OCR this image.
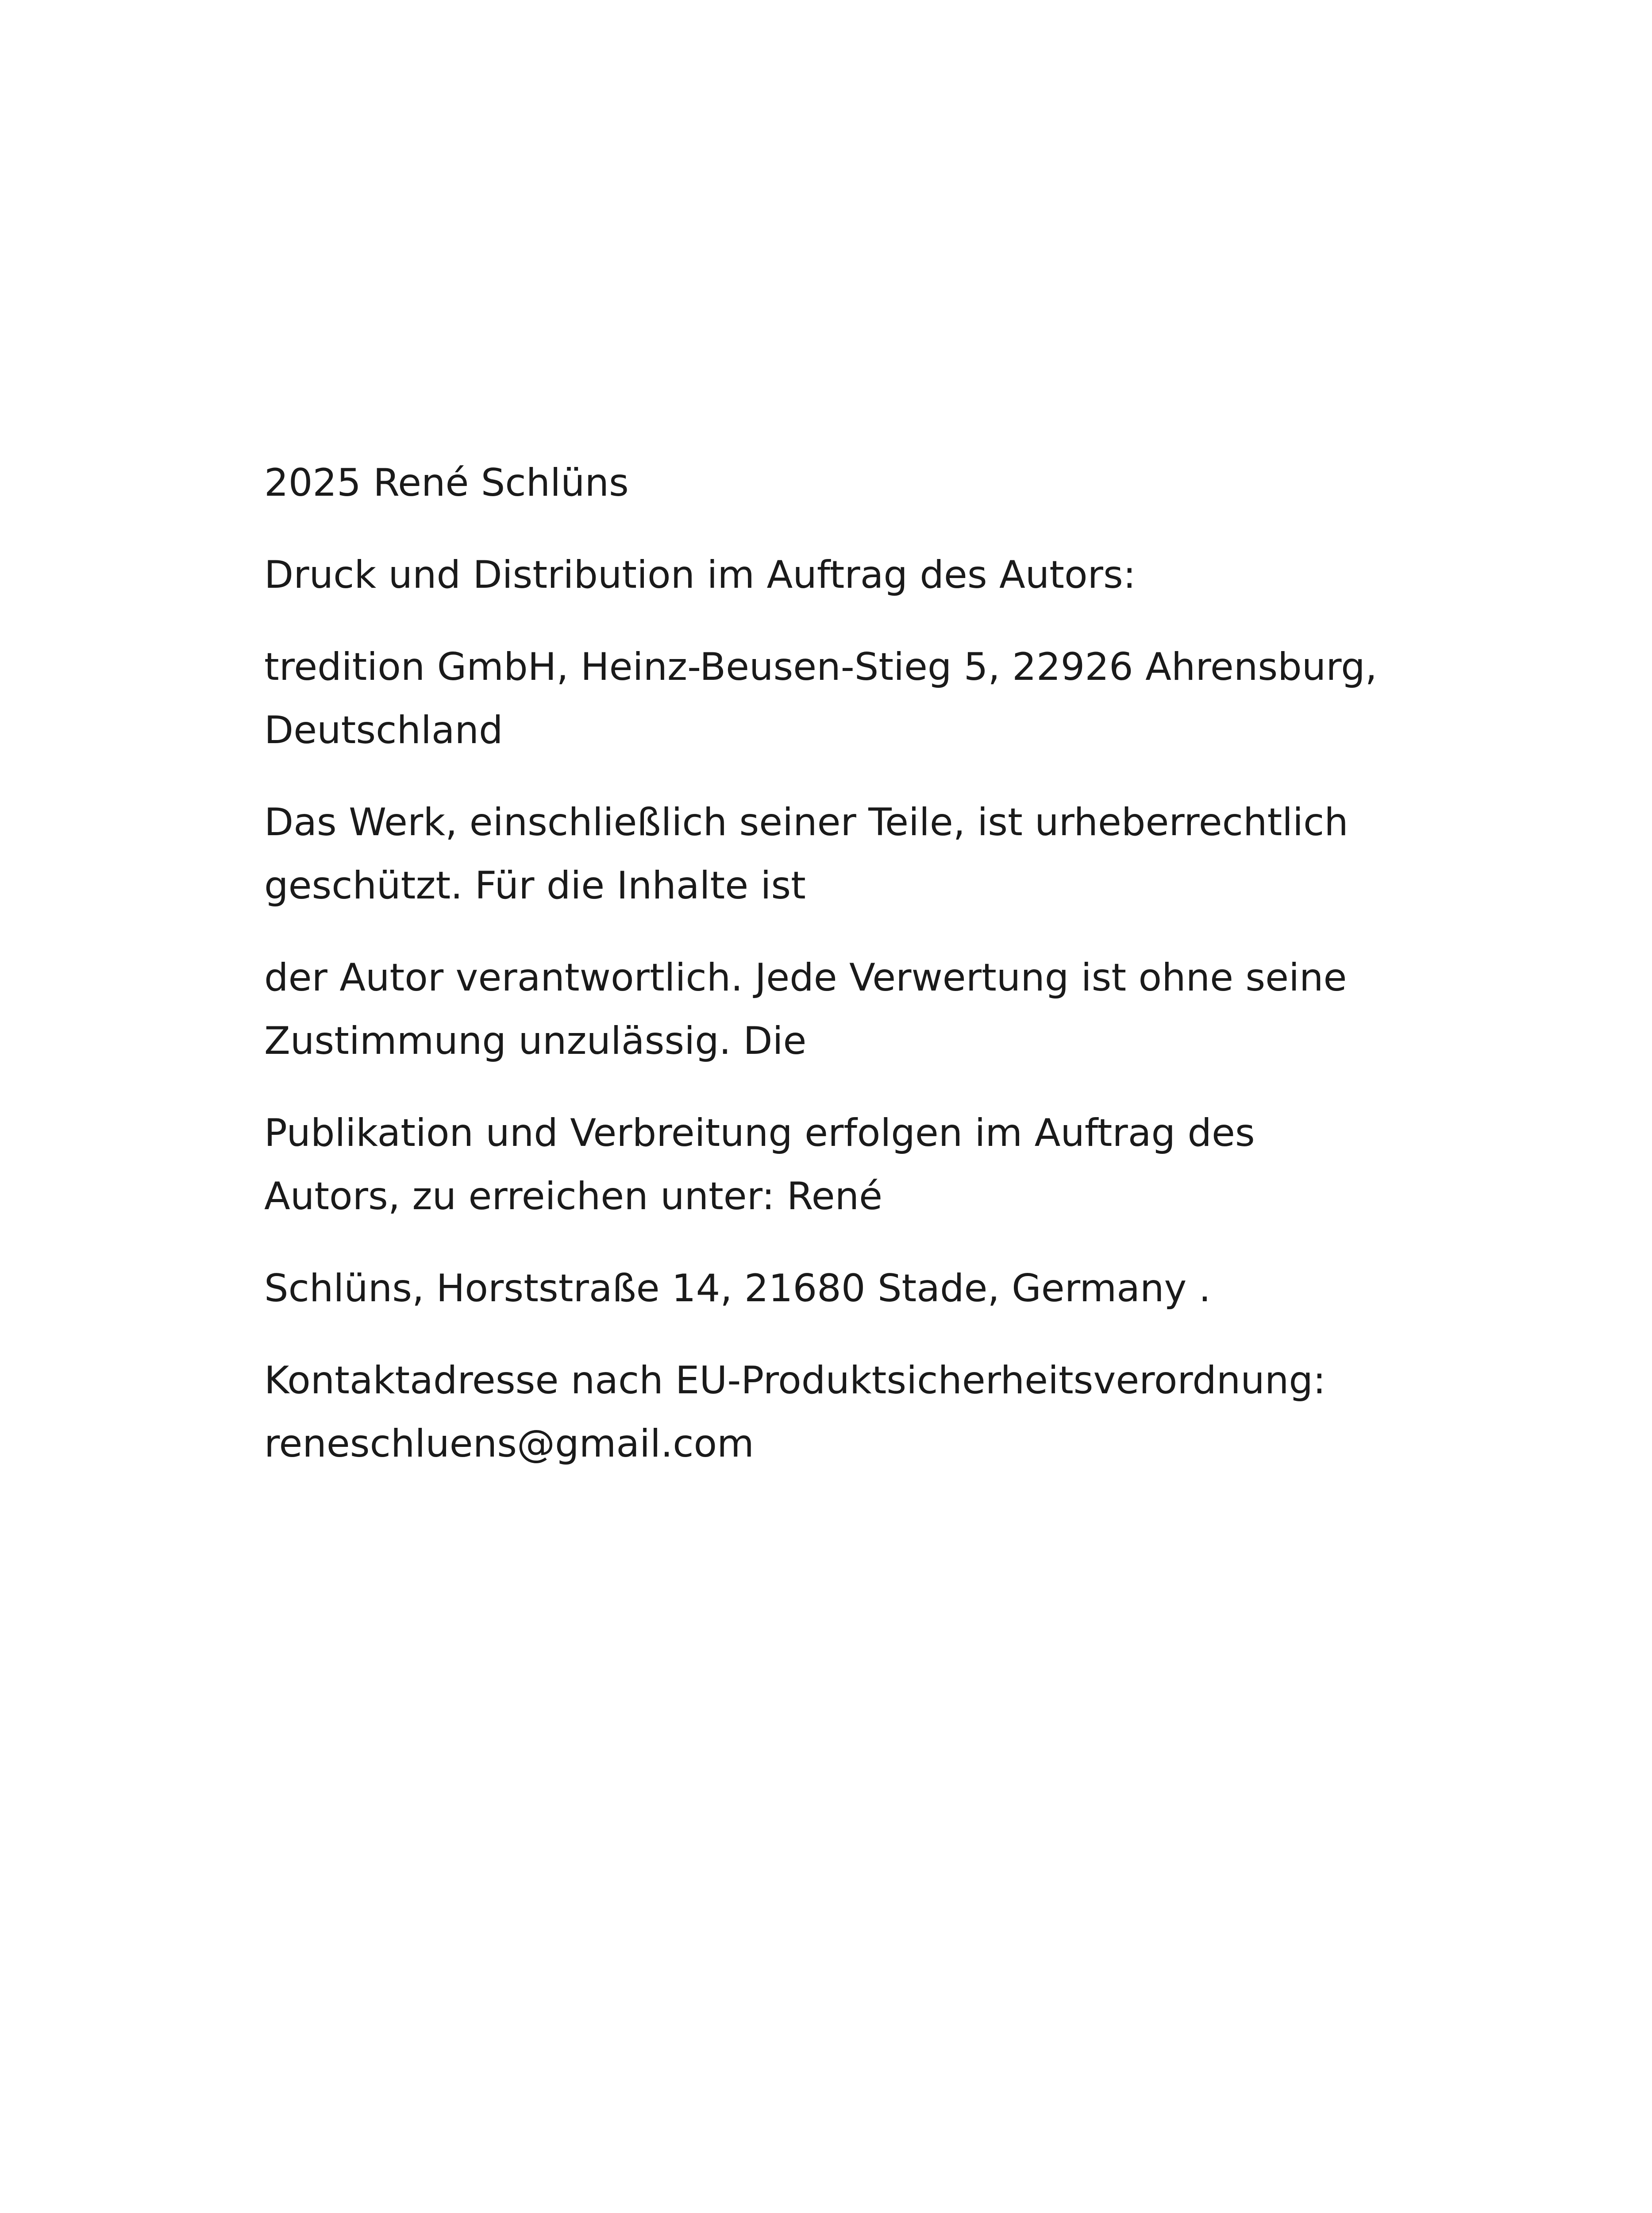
2025 René Schlüns
Druck und Distribution im Auftrag des Autors:
tredition GmbH, Heinz-Beusen-Stieg 5, 22926 Ahrensburg,
Deutschland
Das Werk, einschließlich seiner Teile, ist urheberrechtlich
geschützt. Für die Inhalte ist
der Autor verantwortlich. Jede Verwertung ist ohne seine
Zustimmung unzulässig. Die
Publikation und Verbreitung erfolgen im Auftrag des
Autors, zu erreichen unter: René
Schlüns, Horststraße 14, 21680 Stade, Germany .
Kontaktadresse nach EU-Produktsicherheitsverordnung:
reneschluens@gmail.com
